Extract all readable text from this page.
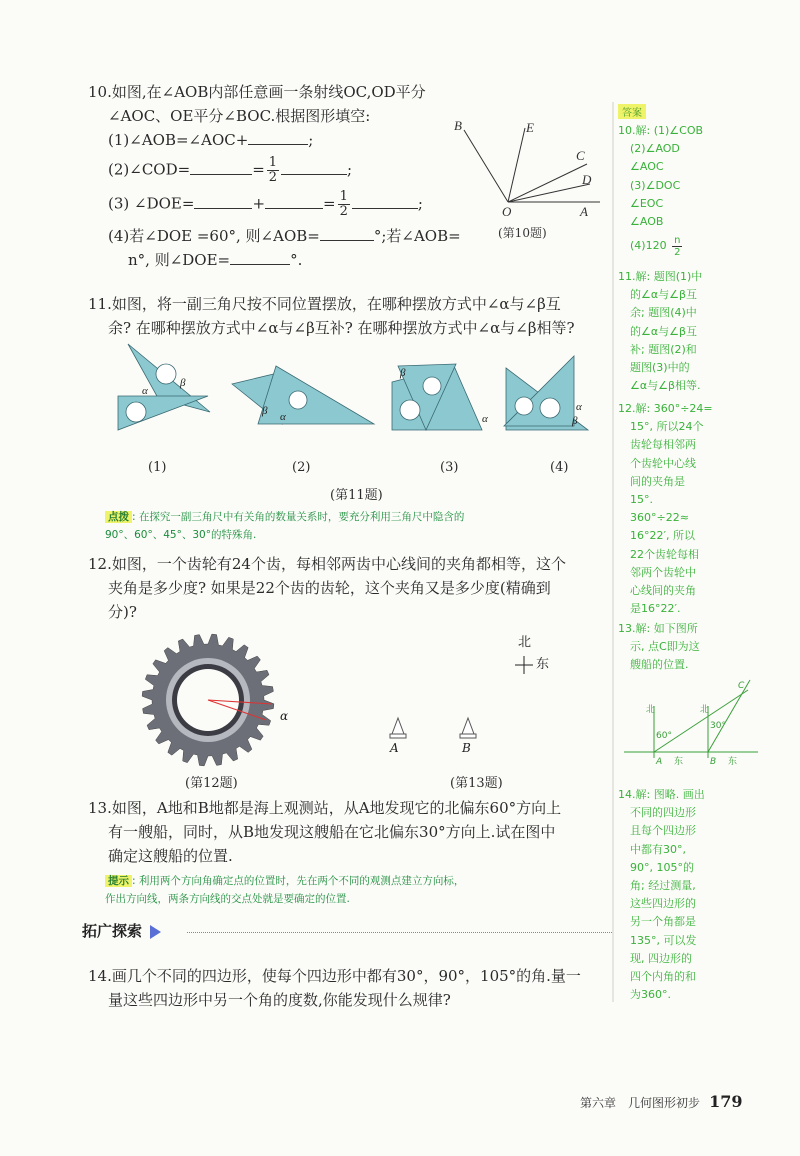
10.如图,在∠AOB内部任意画一条射线OC,OD平分
∠AOC、OE平分∠BOC.根据图形填空:
(1)∠AOB=∠AOC+	;
(2)∠COD=	= $\frac{1}{2}$	;
(3) ∠DOE=	+	= $\frac{1}{2}$	;
(4)若∠DOE =60°, 则∠AOB=	°;若∠AOB=
n°, 则∠DOE=	°.
B	E
C
D
O	A
(第10题)
11.如图，将一副三角尺按不同位置摆放，在哪种摆放方式中∠α与∠β互
余? 在哪种摆放方式中∠α与∠β互补? 在哪种摆放方式中∠α与∠β相等?
α
β
β α
β
α
α
β
(1)	(2)	(3)	(4)
(第11题)
点拨 : 在探究一副三角尺中有关角的数量关系时，要充分利用三角尺中隐含的
90°、60°、45°、30°的特殊角.
12.如图，一个齿轮有24个齿，每相邻两齿中心线间的夹角都相等，这个
夹角是多少度? 如果是22个齿的齿轮，这个夹角又是多少度(精确到
分)?
α
(第12题)
北
东
A	B
(第13题)
13.如图，A地和B地都是海上观测站，从A地发现它的北偏东60°方向上
有一艘船，同时，从B地发现这艘船在它北偏东30°方向上.试在图中
确定这艘船的位置.
提示 : 利用两个方向角确定点的位置时，先在两个不同的观测点建立方向标，
作出方向线，两条方向线的交点处就是要确定的位置.
拓广探索
14.画几个不同的四边形，使每个四边形中都有30°，90°，105°的角.量一
量这些四边形中另一个角的度数,你能发现什么规律?
第六章　几何图形初步 179
答案
10.解: (1)∠COB
(2)∠AOD
∠AOC
(3)∠DOC
∠EOC
∠AOB
$(4)120 \frac{n}{2}$
11.解: 题图(1)中
的∠α与∠β互
余; 题图(4)中
的∠α与∠β互
补; 题图(2)和
题图(3)中的
∠α与∠β相等.
12.解: 360°÷24=
15°, 所以24个
齿轮每相邻两
个齿轮中心线
间的夹角是
15°.
360°÷22≈
16°22′, 所以
22个齿轮每相
邻两个齿轮中
心线间的夹角
是16°22′.
13.解: 如下图所
示, 点C即为这
艘船的位置.
C
60°
30°
A	B
北	北
东	东
14.解: 图略. 画出
不同的四边形
且每个四边形
中都有30°,
90°, 105°的
角; 经过测量,
这些四边形的
另一个角都是
135°, 可以发
现, 四边形的
四个内角的和
为360°.
